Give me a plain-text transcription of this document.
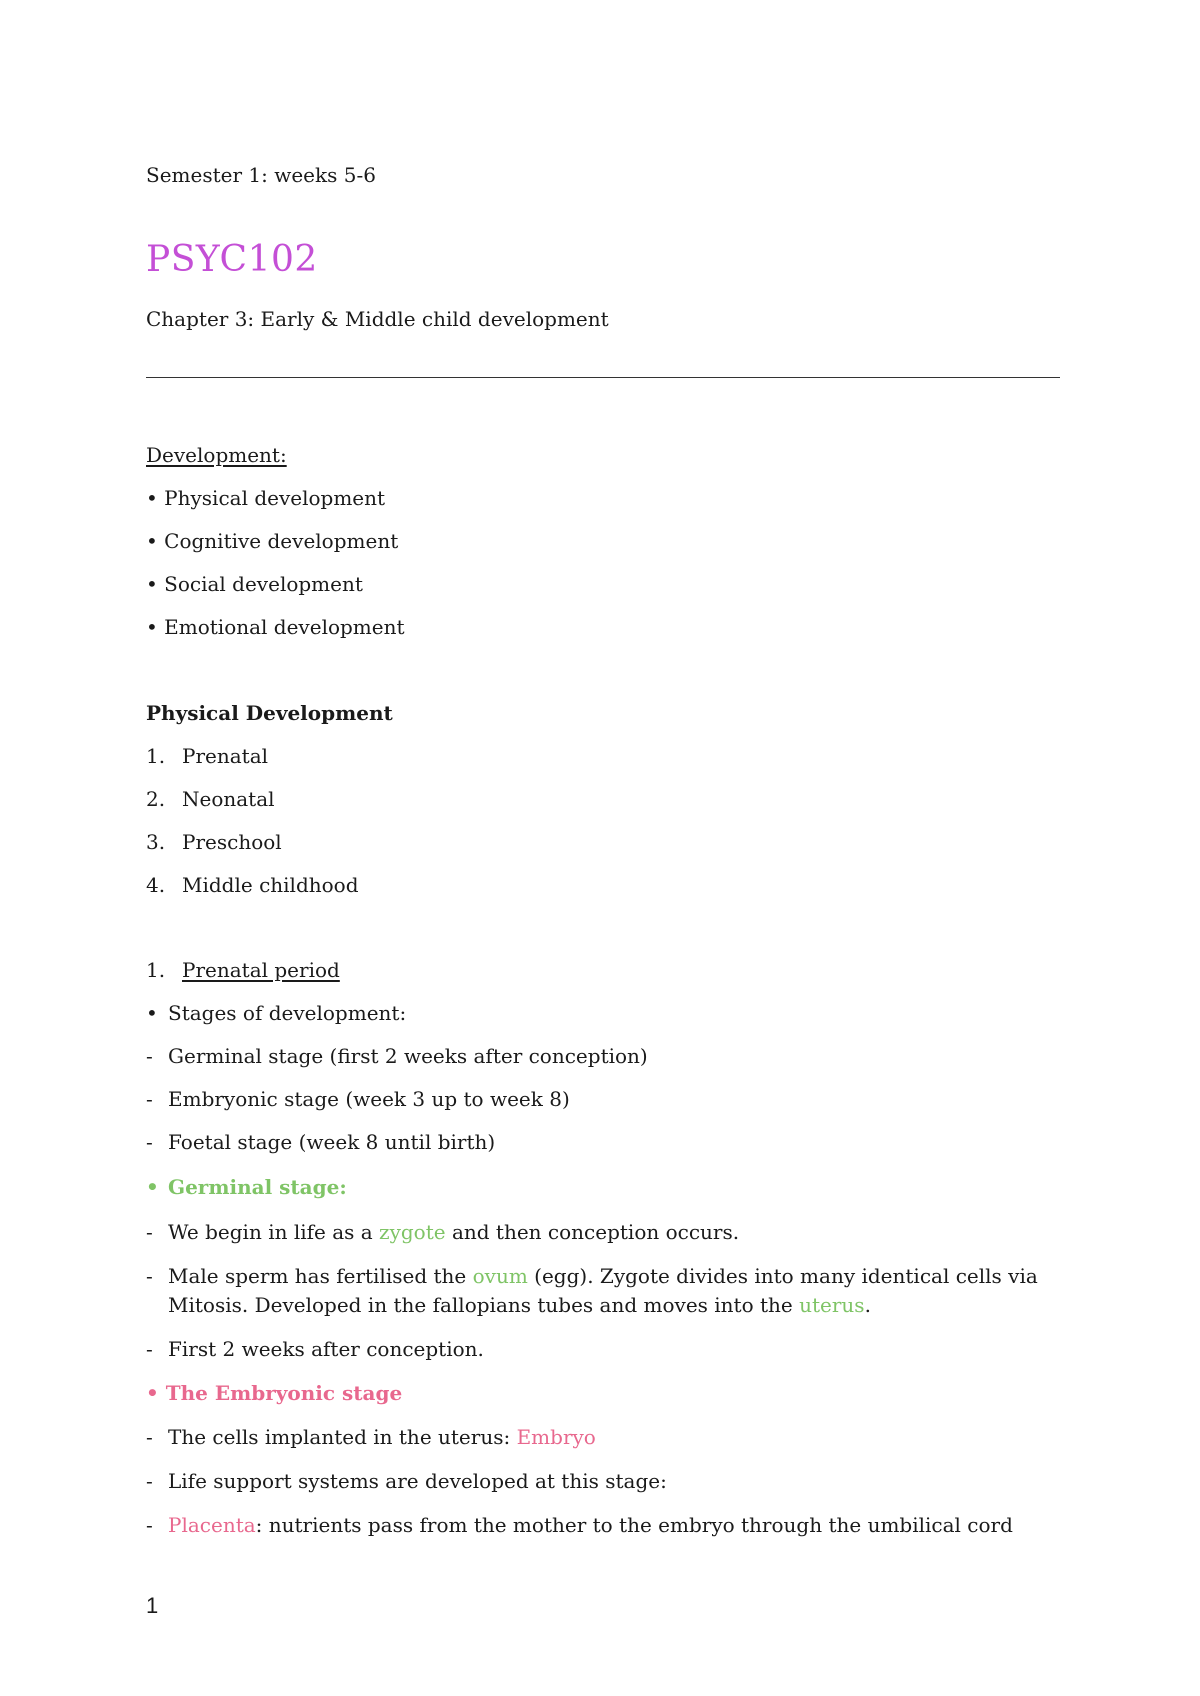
Semester 1: weeks 5-6
PSYC102
Chapter 3: Early & Middle child development
Development:
• Physical development
• Cognitive development
• Social development
• Emotional development
Physical Development
1. Prenatal
2. Neonatal
3. Preschool
4. Middle childhood
1. Prenatal period
• Stages of development:
- Germinal stage (first 2 weeks after conception)
- Embryonic stage (week 3 up to week 8)
- Foetal stage (week 8 until birth)
• Germinal stage:
- We begin in life as a zygote and then conception occurs.
- Male sperm has fertilised the ovum (egg). Zygote divides into many identical cells via
Mitosis. Developed in the fallopians tubes and moves into the uterus.
- First 2 weeks after conception.
• The Embryonic stage
- The cells implanted in the uterus: Embryo
- Life support systems are developed at this stage:
- Placenta: nutrients pass from the mother to the embryo through the umbilical cord
1
